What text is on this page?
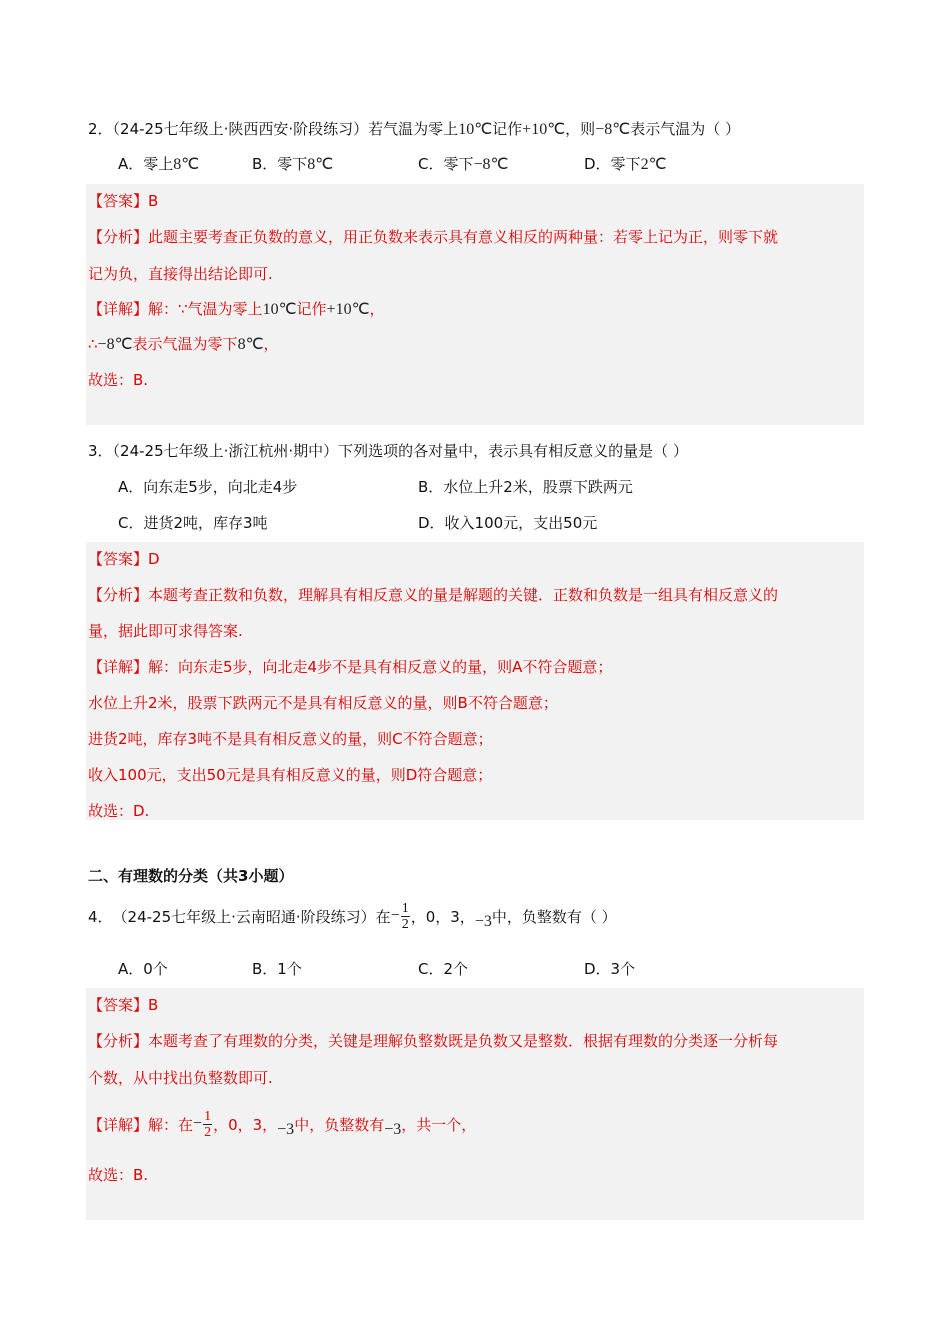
2．（24-25七年级上·陕西西安·阶段练习）若气温为零上10℃记作+10℃，则−8℃表示气温为（ ）
A．零上8℃	B．零下8℃	C．零下−8℃	D．零下2℃
【答案】B
【分析】此题主要考查正负数的意义，用正负数来表示具有意义相反的两种量：若零上记为正，则零下就
记为负，直接得出结论即可.
【详解】解：∵气温为零上10℃记作+10℃，
∴−8℃表示气温为零下8℃，
故选：B.
3．（24-25七年级上·浙江杭州·期中）下列选项的各对量中，表示具有相反意义的量是（ ）
A．向东走5步，向北走4步	B．水位上升2米，股票下跌两元
C．进货2吨，库存3吨	D．收入100元，支出50元
【答案】D
【分析】本题考查正数和负数，理解具有相反意义的量是解题的关键．正数和负数是一组具有相反意义的
量，据此即可求得答案.
【详解】解：向东走5步，向北走4步不是具有相反意义的量，则A不符合题意；
水位上升2米，股票下跌两元不是具有相反意义的量，则B不符合题意；
进货2吨，库存3吨不是具有相反意义的量，则C不符合题意；
收入100元，支出50元是具有相反意义的量，则D符合题意；
故选：D.
二、有理数的分类（共3小题）
4． （24-25七年级上·云南昭通·阶段练习） 在 − $\frac{1}{2}$ ，0，3， −3 中，负整数有（ ）
A．0个	B．1个	C．2个	D．3个
【答案】B
【分析】本题考查了有理数的分类，关键是理解负整数既是负数又是整数．根据有理数的分类逐一分析每
个数，从中找出负整数即可.
【详解】 解：在 − $\frac{1}{2}$ ，0，3， −3 中，负整数有 −3 ，共一个，
故选：B.
